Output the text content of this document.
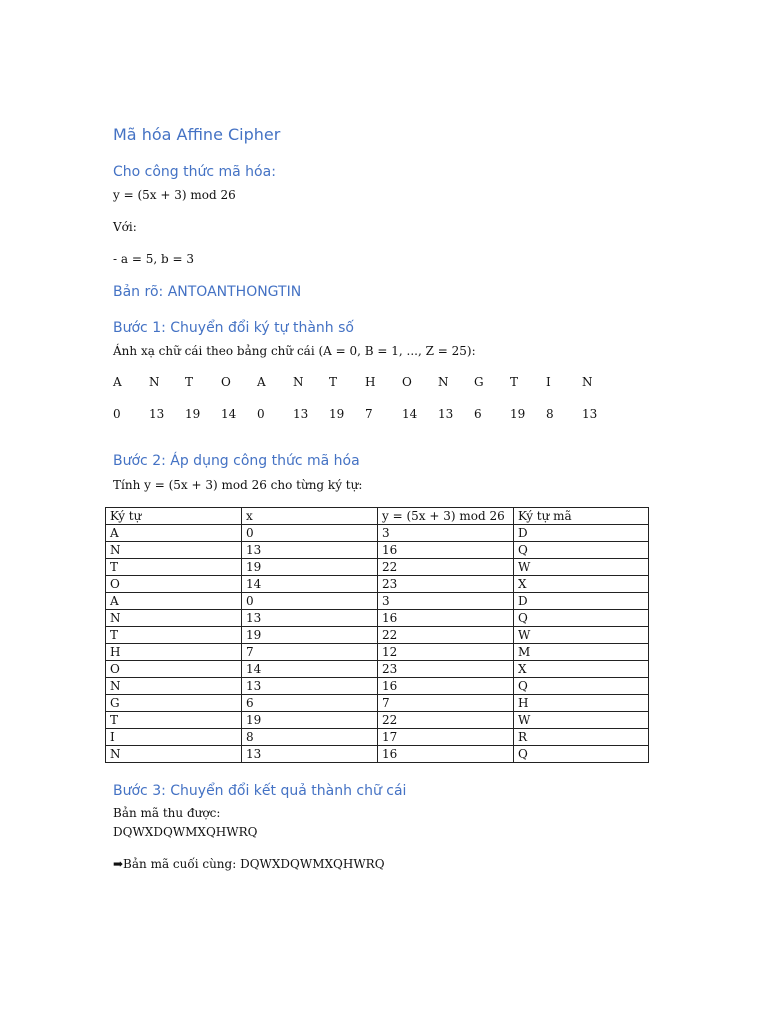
Mã hóa Affine Cipher
Cho công thức mã hóa:

y = (5x + 3) mod 26

Với:

- a = 5, b = 3

Bản rõ: ANTOANTHONGTIN
Bước 1: Chuyển đổi ký tự thành số

Ánh xạ chữ cái theo bảng chữ cái (A = 0, B = 1, ..., Z = 25):

A N T O A N T H O N G T I	N
0 13 19 14 0 13 19 7 14 13 6 19 8 13
Bước 2: Áp dụng công thức mã hóa

Tính y = (5x + 3) mod 26 cho từng ký tự:

Ký tự	x	y = (5x + 3) mod 26	Ký tự mã
A	0	3	D
N	13	16	Q
T	19	22	W
O	14	23	X
A	0	3	D
N	13	16	Q
T	19	22	W
H	7	12	M
O	14	23	X
N	13	16	Q
G	6	7	H
T	19	22	W
I	8	17	R
N	13	16	Q
Bước 3: Chuyển đổi kết quả thành chữ cái

Bản mã thu được:

DQWXDQWMXQHWRQ

➡Bản mã cuối cùng: DQWXDQWMXQHWRQ
